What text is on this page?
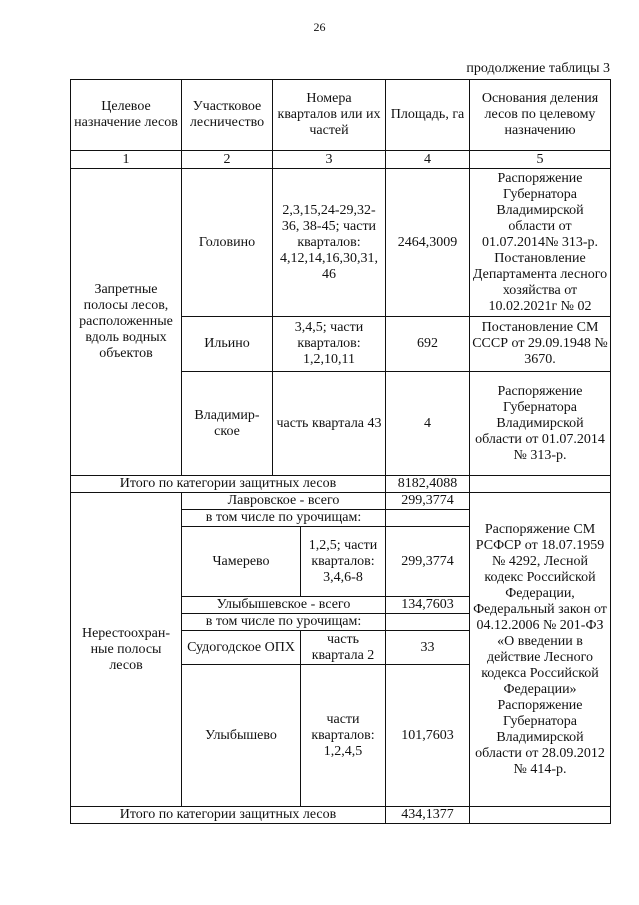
26
продолжение таблицы 3
Целевое назначение лесов	Участковое лесничество	Номера кварталов или их частей		Площадь, га	Основания деления лесов по целевому назначению
1	2	3		4	5
Запретные полосы лесов, расположенные вдоль водных объектов	Головино	2,3,15,24-29,32-36, 38-45; части кварталов: 4,12,14,16,30,31, 46		2464,3009	Распоряжение Губернатора Владимирской области от 01.07.2014№ 313-р. Постановление Департамента лесного хозяйства от 10.02.2021г № 02
	Ильино	3,4,5; части кварталов: 1,2,10,11		692	Постановление СМ СССР от 29.09.1948 № 3670.
	Владимир-ское	часть квартала 43		4	Распоряжение Губернатора Владимирской области от 01.07.2014 № 313-р.
Итого по категории защитных лесов				8182,4088	
Нерестоохран-ные полосы лесов	Лавровское - всего			299,3774	Распоряжение СМ РСФСР от 18.07.1959 № 4292, Лесной кодекс Российской Федерации, Федеральный закон от 04.12.2006 № 201-ФЗ «О введении в действие Лесного кодекса Российской Федерации» Распоряжение Губернатора Владимирской области от 28.09.2012 № 414-р.
	в том числе по урочищам:				
	Чамерево		1,2,5; части кварталов: 3,4,6-8	299,3774	
	Улыбышевское - всего			134,7603	
	в том числе по урочищам:				
	Судогодское ОПХ		часть квартала 2	33	
	Улыбышево		части кварталов: 1,2,4,5	101,7603	

Итого по категории защитных лесов				434,1377	
